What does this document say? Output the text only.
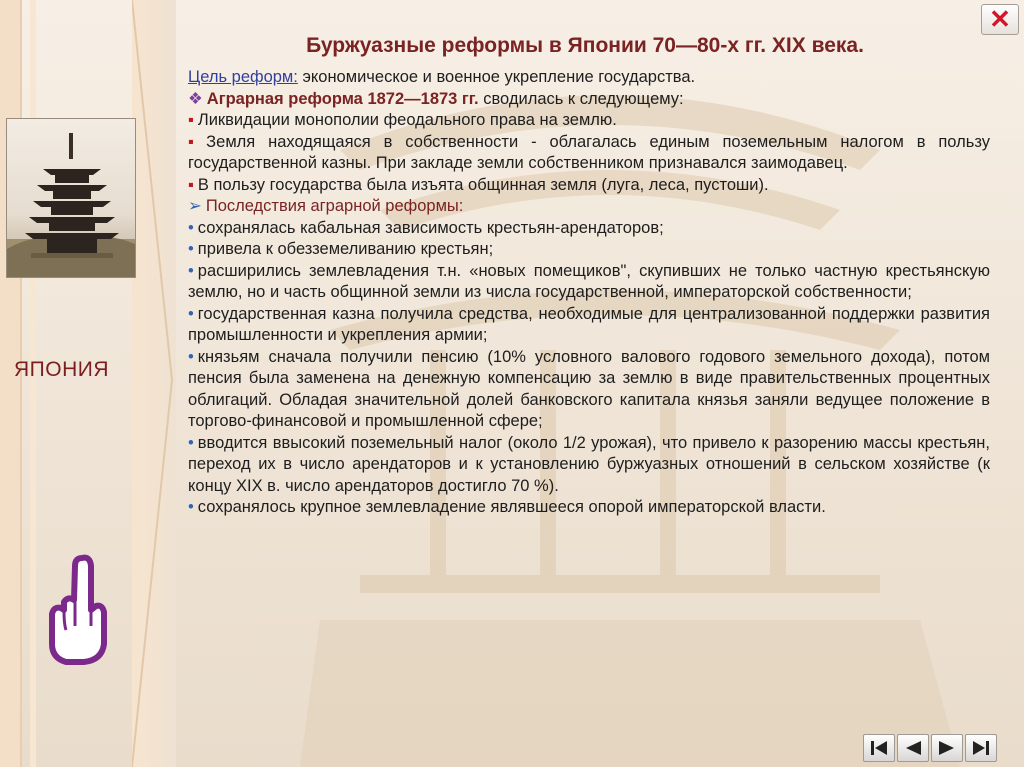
ЯПОНИЯ
✕
Буржуазные реформы в Японии 70—80-х гг. XIX века.

Цель реформ: экономическое и военное укрепление государства.

❖ Аграрная реформа 1872—1873 гг. сводилась к следующему:

▪ Ликвидации монополии феодального права на землю.

▪ Земля находящаяся в собственности - облагалась единым поземельным налогом в пользу государственной казны. При закладе земли собственником признавался заимодавец.

▪ В пользу государства была изъята общинная земля (луга, леса, пустоши).

➢ Последствия аграрной реформы:

• сохранялась кабальная зависимость крестьян-арендаторов;

• привела к обезземеливанию крестьян;

• расширились землевладения т.н. «новых помещиков", скупивших не только частную крестьянскую землю, но и часть общинной земли из числа государственной, императорской собственности;

• государственная казна получила средства, необходимые для централизованной поддержки развития промышленности и укрепления армии;

• князьям сначала получили пенсию (10% условного валового годового земельного дохода), потом пенсия была заменена на денежную компенсацию за землю в виде правительственных процентных облигаций. Обладая значительной долей банковского капитала князья заняли ведущее положение в торгово-финансовой и промышленной сфере;

• вводится ввысокий поземельный налог (около 1/2 урожая), что привело к разорению массы крестьян, переход их в число арендаторов и к установлению буржуазных отношений в сельском хозяйстве (к концу XIX в. число арендаторов достигло 70 %).

• сохранялось крупное землевладение являвшееся опорой императорской власти.
